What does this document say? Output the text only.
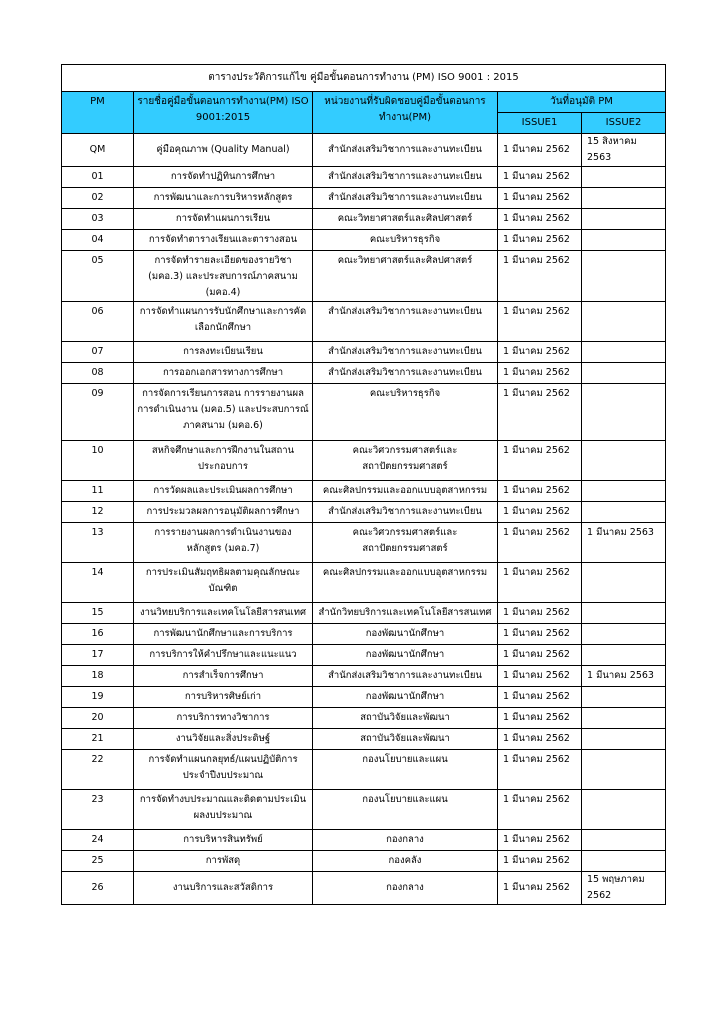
ตารางประวัติการแก้ไข คู่มือขั้นตอนการทำงาน (PM) ISO 9001 : 2015				
PM	รายชื่อคู่มือขั้นตอนการทำงาน(PM) ISO 9001:2015	หน่วยงานที่รับผิดชอบคู่มือขั้นตอนการทำงาน(PM)	วันที่อนุมัติ PM	
			ISSUE1	ISSUE2
QM	คู่มือคุณภาพ (Quality Manual)	สำนักส่งเสริมวิชาการและงานทะเบียน	1 มีนาคม 2562	15 สิงหาคม 2563
01	การจัดทำปฏิทินการศึกษา	สำนักส่งเสริมวิชาการและงานทะเบียน	1 มีนาคม 2562	
02	การพัฒนาและการบริหารหลักสูตร	สำนักส่งเสริมวิชาการและงานทะเบียน	1 มีนาคม 2562	
03	การจัดทำแผนการเรียน	คณะวิทยาศาสตร์และศิลปศาสตร์	1 มีนาคม 2562	
04	การจัดทำตารางเรียนและตารางสอน	คณะบริหารธุรกิจ	1 มีนาคม 2562	
05	การจัดทำรายละเอียดของรายวิชา (มคอ.3) และประสบการณ์ภาคสนาม (มคอ.4)	คณะวิทยาศาสตร์และศิลปศาสตร์	1 มีนาคม 2562	
06	การจัดทำแผนการรับนักศึกษาและการคัดเลือกนักศึกษา	สำนักส่งเสริมวิชาการและงานทะเบียน	1 มีนาคม 2562	
07	การลงทะเบียนเรียน	สำนักส่งเสริมวิชาการและงานทะเบียน	1 มีนาคม 2562	
08	การออกเอกสารทางการศึกษา	สำนักส่งเสริมวิชาการและงานทะเบียน	1 มีนาคม 2562	
09	การจัดการเรียนการสอน การรายงานผลการดำเนินงาน (มคอ.5) และประสบการณ์ภาคสนาม (มคอ.6)	คณะบริหารธุรกิจ	1 มีนาคม 2562	
10	สหกิจศึกษาและการฝึกงานในสถานประกอบการ	คณะวิศวกรรมศาสตร์และสถาปัตยกรรมศาสตร์	1 มีนาคม 2562	
11	การวัดผลและประเมินผลการศึกษา	คณะศิลปกรรมและออกแบบอุตสาหกรรม	1 มีนาคม 2562	
12	การประมวลผลการอนุมัติผลการศึกษา	สำนักส่งเสริมวิชาการและงานทะเบียน	1 มีนาคม 2562	
13	การรายงานผลการดำเนินงานของหลักสูตร (มคอ.7)	คณะวิศวกรรมศาสตร์และสถาปัตยกรรมศาสตร์	1 มีนาคม 2562	1 มีนาคม 2563
14	การประเมินสัมฤทธิผลตามคุณลักษณะบัณฑิต	คณะศิลปกรรมและออกแบบอุตสาหกรรม	1 มีนาคม 2562	
15	งานวิทยบริการและเทคโนโลยีสารสนเทศ	สำนักวิทยบริการและเทคโนโลยีสารสนเทศ	1 มีนาคม 2562	
16	การพัฒนานักศึกษาและการบริการ	กองพัฒนานักศึกษา	1 มีนาคม 2562	
17	การบริการให้คำปรึกษาและแนะแนว	กองพัฒนานักศึกษา	1 มีนาคม 2562	
18	การสำเร็จการศึกษา	สำนักส่งเสริมวิชาการและงานทะเบียน	1 มีนาคม 2562	1 มีนาคม 2563
19	การบริหารศิษย์เก่า	กองพัฒนานักศึกษา	1 มีนาคม 2562	
20	การบริการทางวิชาการ	สถาบันวิจัยและพัฒนา	1 มีนาคม 2562	
21	งานวิจัยและสิ่งประดิษฐ์	สถาบันวิจัยและพัฒนา	1 มีนาคม 2562	
22	การจัดทำแผนกลยุทธ์/แผนปฏิบัติการประจำปีงบประมาณ	กองนโยบายและแผน	1 มีนาคม 2562	
23	การจัดทำงบประมาณและติดตามประเมินผลงบประมาณ	กองนโยบายและแผน	1 มีนาคม 2562	
24	การบริหารสินทรัพย์	กองกลาง	1 มีนาคม 2562	
25	การพัสดุ	กองคลัง	1 มีนาคม 2562	
26	งานบริการและสวัสดิการ	กองกลาง	1 มีนาคม 2562	15 พฤษภาคม 2562
